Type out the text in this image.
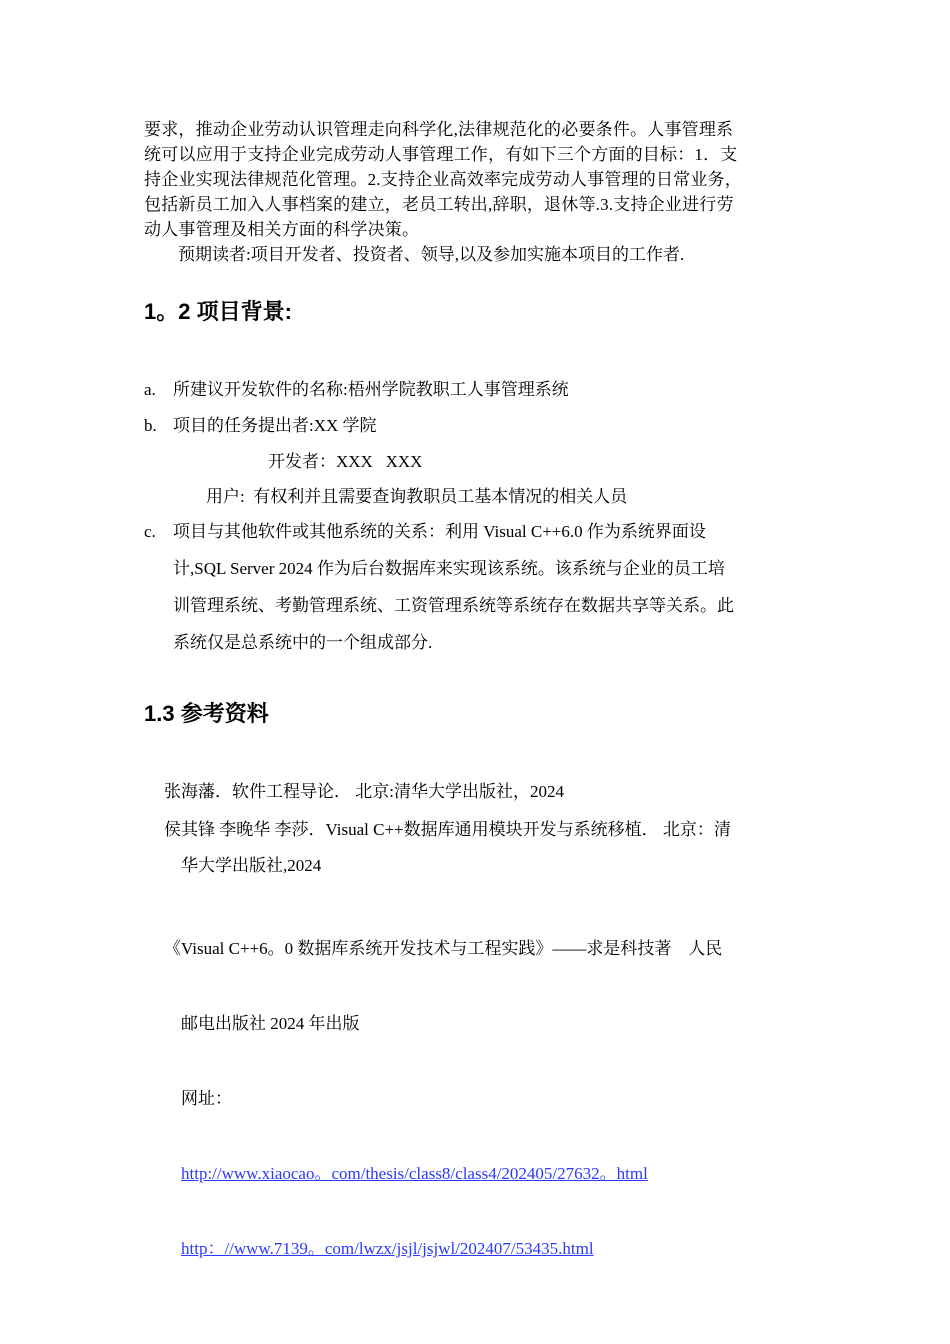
要求，推动企业劳动认识管理走向科学化,法律规范化的必要条件。人事管理系
统可以应用于支持企业完成劳动人事管理工作，有如下三个方面的目标：1．支
持企业实现法律规范化管理。2.支持企业高效率完成劳动人事管理的日常业务，
包括新员工加入人事档案的建立，老员工转出,辞职，退休等.3.支持企业进行劳
动人事管理及相关方面的科学决策。
预期读者:项目开发者、投资者、领导,以及参加实施本项目的工作者.
1。2 项目背景:
a. 所建议开发软件的名称:梧州学院教职工人事管理系统
b. 项目的任务提出者:XX 学院
开发者：XXX   XXX
用户:  有权利并且需要查询教职员工基本情况的相关人员
c. 项目与其他软件或其他系统的关系：利用 Visual C++6.0 作为系统界面设
计,SQL Server 2024 作为后台数据库来实现该系统。该系统与企业的员工培
训管理系统、考勤管理系统、工资管理系统等系统存在数据共享等关系。此
系统仅是总系统中的一个组成部分.
1.3 参考资料
张海藩．软件工程导论． 北京:清华大学出版社，2024
侯其锋 李晚华 李莎．Visual C++数据库通用模块开发与系统移植． 北京：清
华大学出版社,2024

《Visual C++6。0 数据库系统开发技术与工程实践》——求是科技著    人民

邮电出版社 2024 年出版

网址：

http://www.xiaocao。com/thesis/class8/class4/202405/27632。html

http：//www.7139。com/lwzx/jsjl/jsjwl/202407/53435.html
